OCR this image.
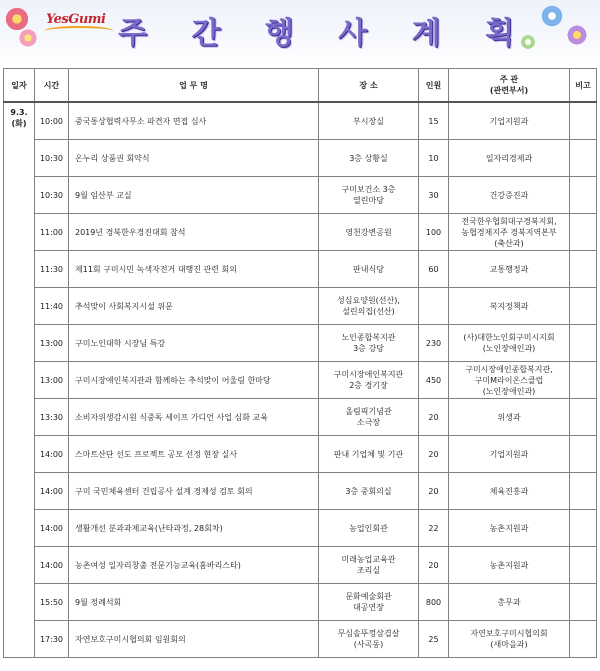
YesGumi 주 간 행 사 계 획
일자	시간	업 무 명	장 소	인원	주 관
(관련부서)	비고
9.3.
(화)	10:00	중국통상협력사무소 파견자 면접 심사	부시장실	15	기업지원과	
	10:30	온누리 상품권 회약식	3층 상황실	10	일자리경제과	
	10:30	9월 임산부 교실	구미보건소 3층
열린마당	30	건강증진과	
	11:00	2019년 경북한우경진대회 참석	영천강변공원	100	전국한우협회대구경북지회,
농협경제지주 경북지역본부
(축산과)	
	11:30	제11회 구미시민 녹색자전거 대행진 관련 회의	판내식당	60	교통행정과	
	11:40	추석맞이 사회복지시설 위문	성심요양원(선산),
설린의집(선산)		복지정책과	
	13:00	구미노인대학 시장님 특강	노인종합복지관
3층 강당	230	(사)대한노인회구미시지회
(노인장애인과)	
	13:00	구미시장애인복지관과 함께하는 추석맞이 어울림 한마당	구미시장애인복지관
2층 경기장	450	구미시장애인종합복지관,
구미M라이온스클럽
(노인장애인과)	
	13:30	소비자위생감시원 식중독 세이프 가디언 사업 심화 교육	올림픽기념관
소극장	20	위생과	
	14:00	스마트산단 선도 프로젝트 공모 선정 현장 실사	판내 기업체 및 기관	20	기업지원과	
	14:00	구미 국민체육센터 건립공사 설계 경제성 검토 회의	3층 중회의실	20	체육진흥과	
	14:00	생활개선 분과과제교육(난타과정, 28회차)	농업인회관	22	농촌지원과	
	14:00	농촌여성 일자리창출 전문기능교육(홈바리스타)	미래농업교육관
조리실	20	농촌지원과	
	15:50	9월 정례석회	문화예술회관
대공연장	800	총무과	
	17:30	자연보호구미시협의회 임원회의	무심솔뚜껑삼겹살
(사곡동)	25	자연보호구미시협의회
(새마을과)	
